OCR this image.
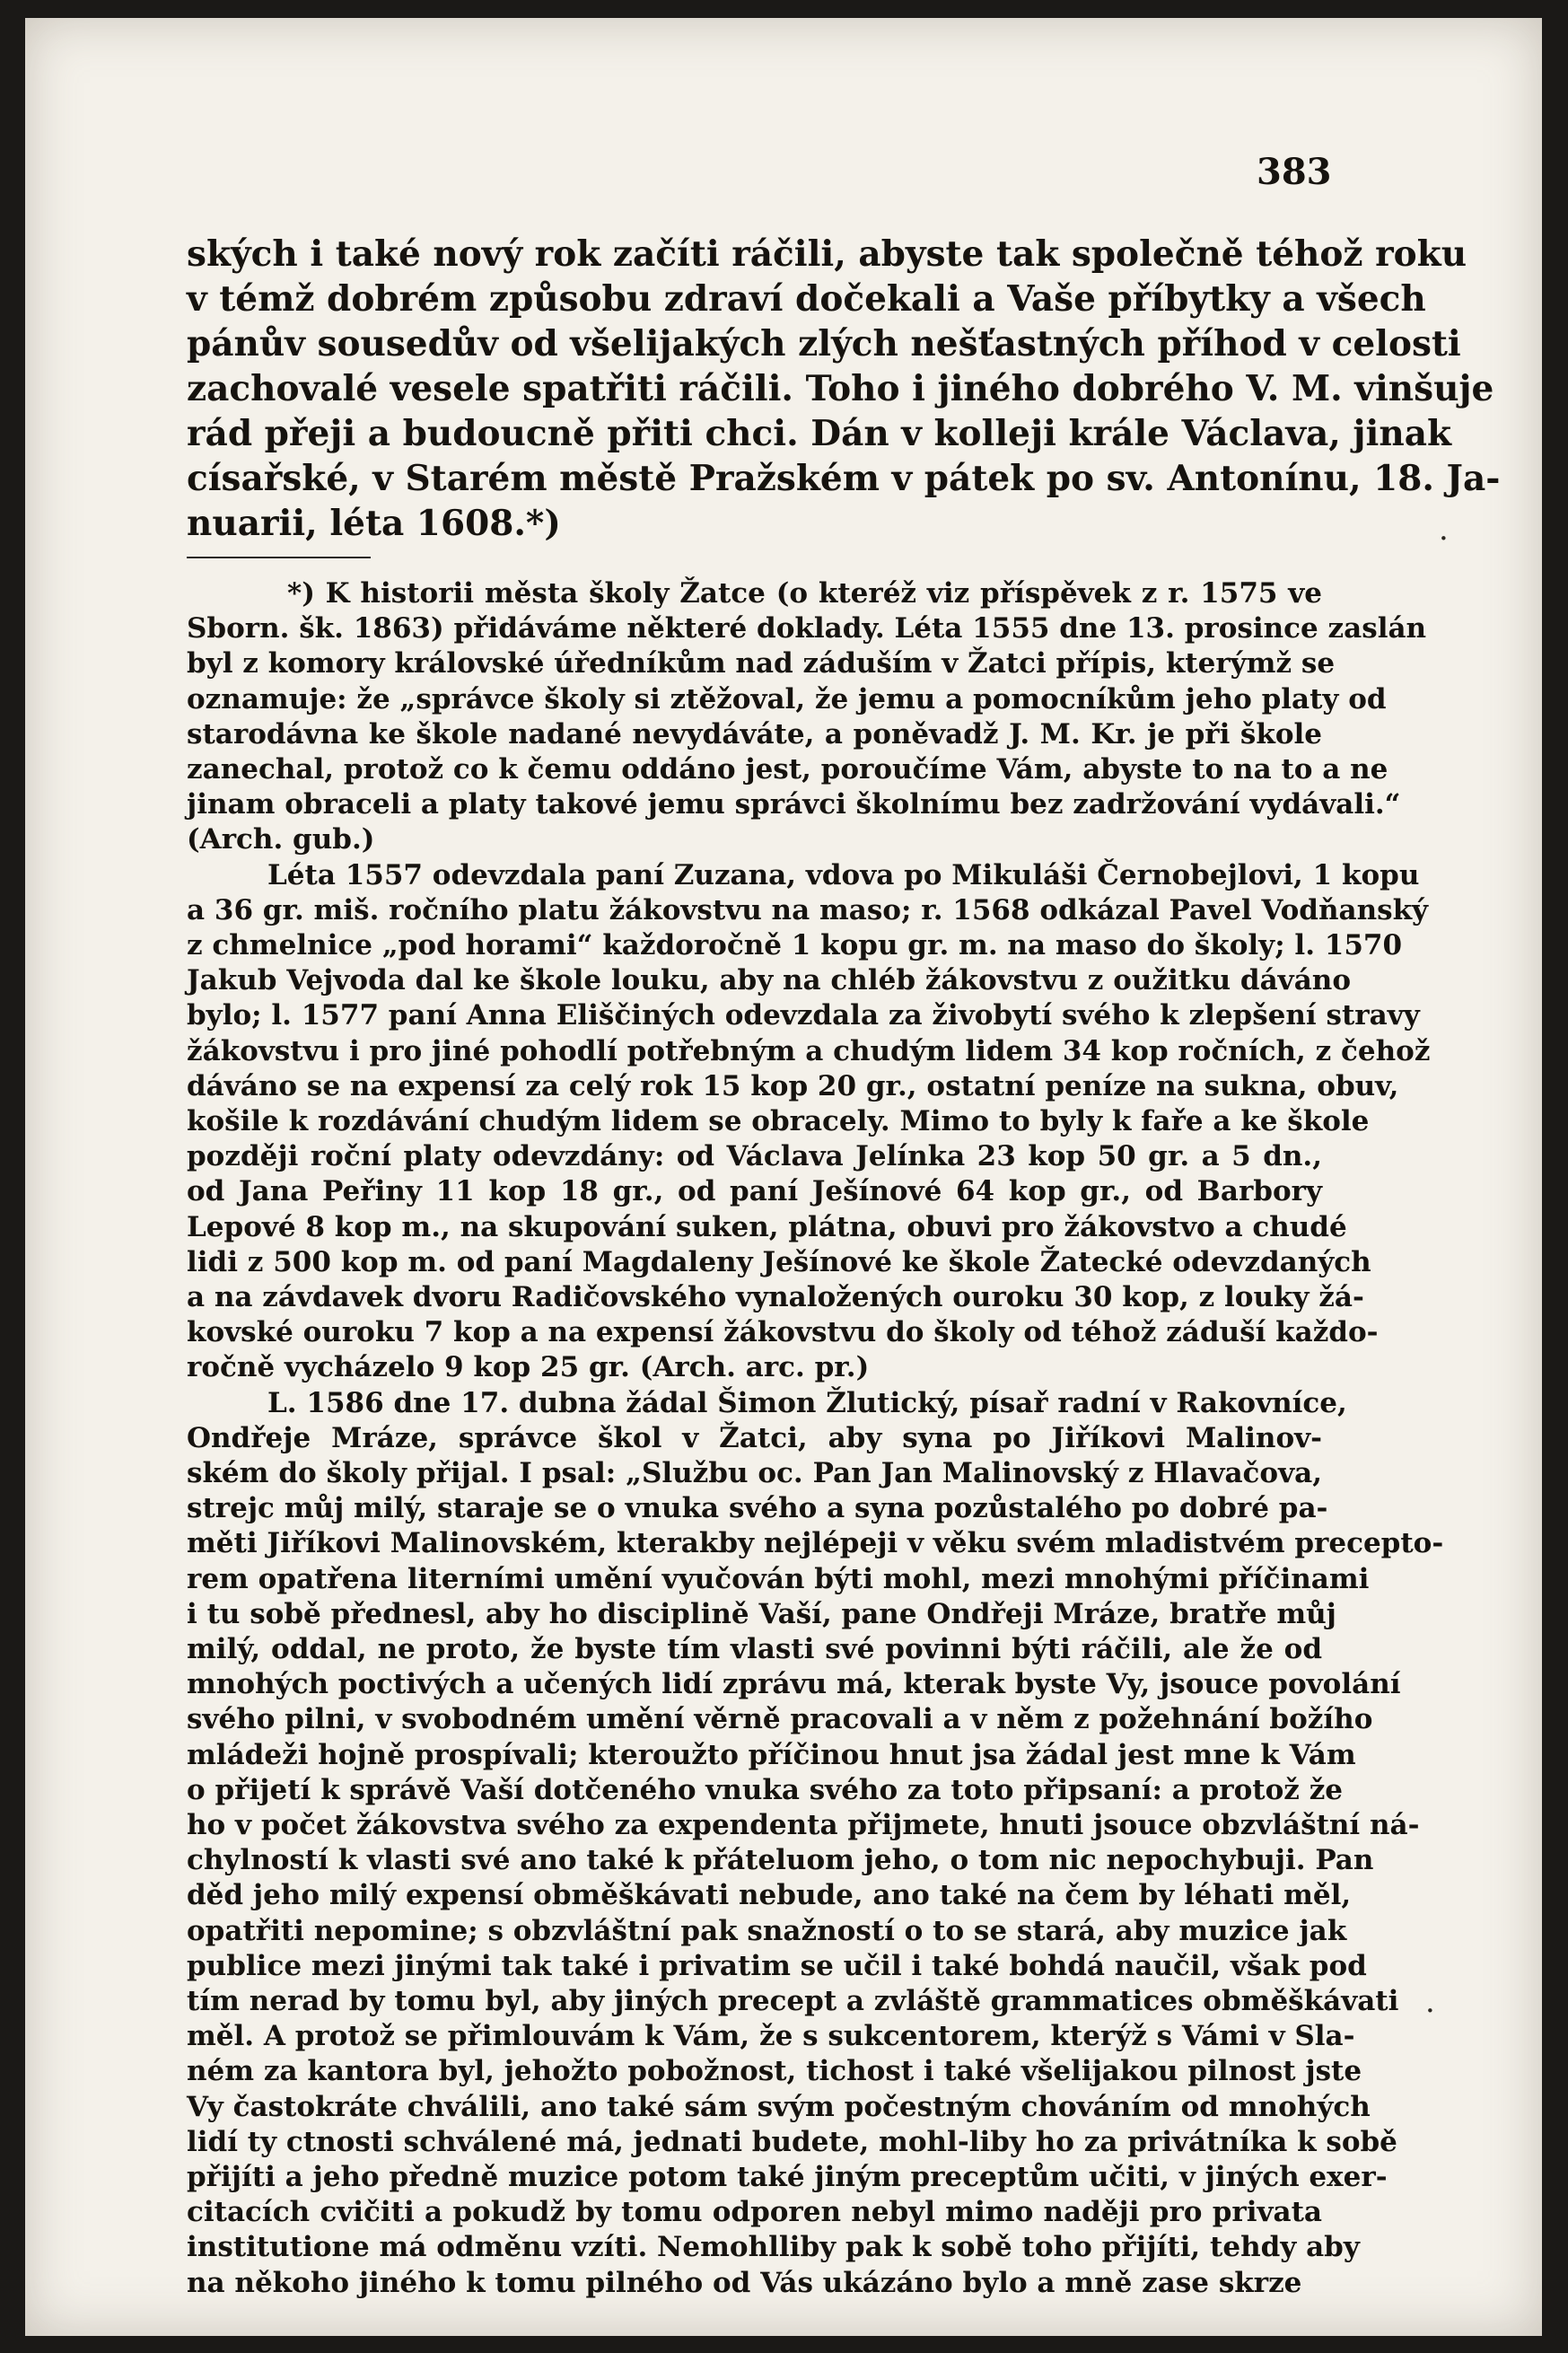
383
ských i také nový rok začíti ráčili, abyste tak společně téhož roku
v témž dobrém způsobu zdraví dočekali a Vaše příbytky a všech
pánův sousedův od všelijakých zlých nešťastných příhod v celosti
zachovalé vesele spatřiti ráčili. Toho i jiného dobrého V. M. vinšuje
rád přeji a budoucně přiti chci. Dán v kolleji krále Václava, jinak
císařské, v Starém městě Pražském v pátek po sv. Antonínu, 18. Ja-
nuarii, léta 1608.*)
*) K historii města školy Žatce (o kteréž viz příspěvek z r. 1575 ve
Sborn. šk. 1863) přidáváme některé doklady. Léta 1555 dne 13. prosince zaslán
byl z komory královské úředníkům nad záduším v Žatci přípis, kterýmž se
oznamuje: že „správce školy si ztěžoval, že jemu a pomocníkům jeho platy od
starodávna ke škole nadané nevydáváte, a poněvadž J. M. Kr. je při škole
zanechal, protož co k čemu oddáno jest, poroučíme Vám, abyste to na to a ne
jinam obraceli a platy takové jemu správci školnímu bez zadržování vydávali.“
(Arch. gub.)
Léta 1557 odevzdala paní Zuzana, vdova po Mikuláši Černobejlovi, 1 kopu
a 36 gr. miš. ročního platu žákovstvu na maso; r. 1568 odkázal Pavel Vodňanský
z chmelnice „pod horami“ každoročně 1 kopu gr. m. na maso do školy; l. 1570
Jakub Vejvoda dal ke škole louku, aby na chléb žákovstvu z oužitku dáváno
bylo; l. 1577 paní Anna Eliščiných odevzdala za živobytí svého k zlepšení stravy
žákovstvu i pro jiné pohodlí potřebným a chudým lidem 34 kop ročních, z čehož
dáváno se na expensí za celý rok 15 kop 20 gr., ostatní peníze na sukna, obuv,
košile k rozdávání chudým lidem se obracely. Mimo to byly k faře a ke škole
později roční platy odevzdány: od Václava Jelínka 23 kop 50 gr. a 5 dn.,
od Jana Peřiny 11 kop 18 gr., od paní Ješínové 64 kop gr., od Barbory
Lepové 8 kop m., na skupování suken, plátna, obuvi pro žákovstvo a chudé
lidi z 500 kop m. od paní Magdaleny Ješínové ke škole Žatecké odevzdaných
a na závdavek dvoru Radičovského vynaložených ouroku 30 kop, z louky žá-
kovské ouroku 7 kop a na expensí žákovstvu do školy od téhož záduší každo-
ročně vycházelo 9 kop 25 gr. (Arch. arc. pr.)
L. 1586 dne 17. dubna žádal Šimon Žlutický, písař radní v Rakovníce,
Ondřeje Mráze, správce škol v Žatci, aby syna po Jiříkovi Malinov-
ském do školy přijal. I psal: „Službu oc. Pan Jan Malinovský z Hlavačova,
strejc můj milý, staraje se o vnuka svého a syna pozůstalého po dobré pa-
měti Jiříkovi Malinovském, kterakby nejlépeji v věku svém mladistvém precepto-
rem opatřena literními umění vyučován býti mohl, mezi mnohými příčinami
i tu sobě přednesl, aby ho disciplině Vaší, pane Ondřeji Mráze, bratře můj
milý, oddal, ne proto, že byste tím vlasti své povinni býti ráčili, ale že od
mnohých poctivých a učených lidí zprávu má, kterak byste Vy, jsouce povolání
svého pilni, v svobodném umění věrně pracovali a v něm z požehnání božího
mládeži hojně prospívali; kteroužto příčinou hnut jsa žádal jest mne k Vám
o přijetí k správě Vaší dotčeného vnuka svého za toto připsaní: a protož že
ho v počet žákovstva svého za expendenta přijmete, hnuti jsouce obzvláštní ná-
chylností k vlasti své ano také k přáteluom jeho, o tom nic nepochybuji. Pan
děd jeho milý expensí obměškávati nebude, ano také na čem by léhati měl,
opatřiti nepomine; s obzvláštní pak snažností o to se stará, aby muzice jak
publice mezi jinými tak také i privatim se učil i také bohdá naučil, však pod
tím nerad by tomu byl, aby jiných precept a zvláště grammatices obměškávati
měl. A protož se přimlouvám k Vám, že s sukcentorem, kterýž s Vámi v Sla-
ném za kantora byl, jehožto pobožnost, tichost i také všelijakou pilnost jste
Vy častokráte chválili, ano také sám svým počestným chováním od mnohých
lidí ty ctnosti schválené má, jednati budete, mohl-liby ho za privátníka k sobě
přijíti a jeho předně muzice potom také jiným preceptům učiti, v jiných exer-
citacích cvičiti a pokudž by tomu odporen nebyl mimo naději pro privata
institutione má odměnu vzíti. Nemohlliby pak k sobě toho přijíti, tehdy aby
na někoho jiného k tomu pilného od Vás ukázáno bylo a mně zase skrze
·
·
